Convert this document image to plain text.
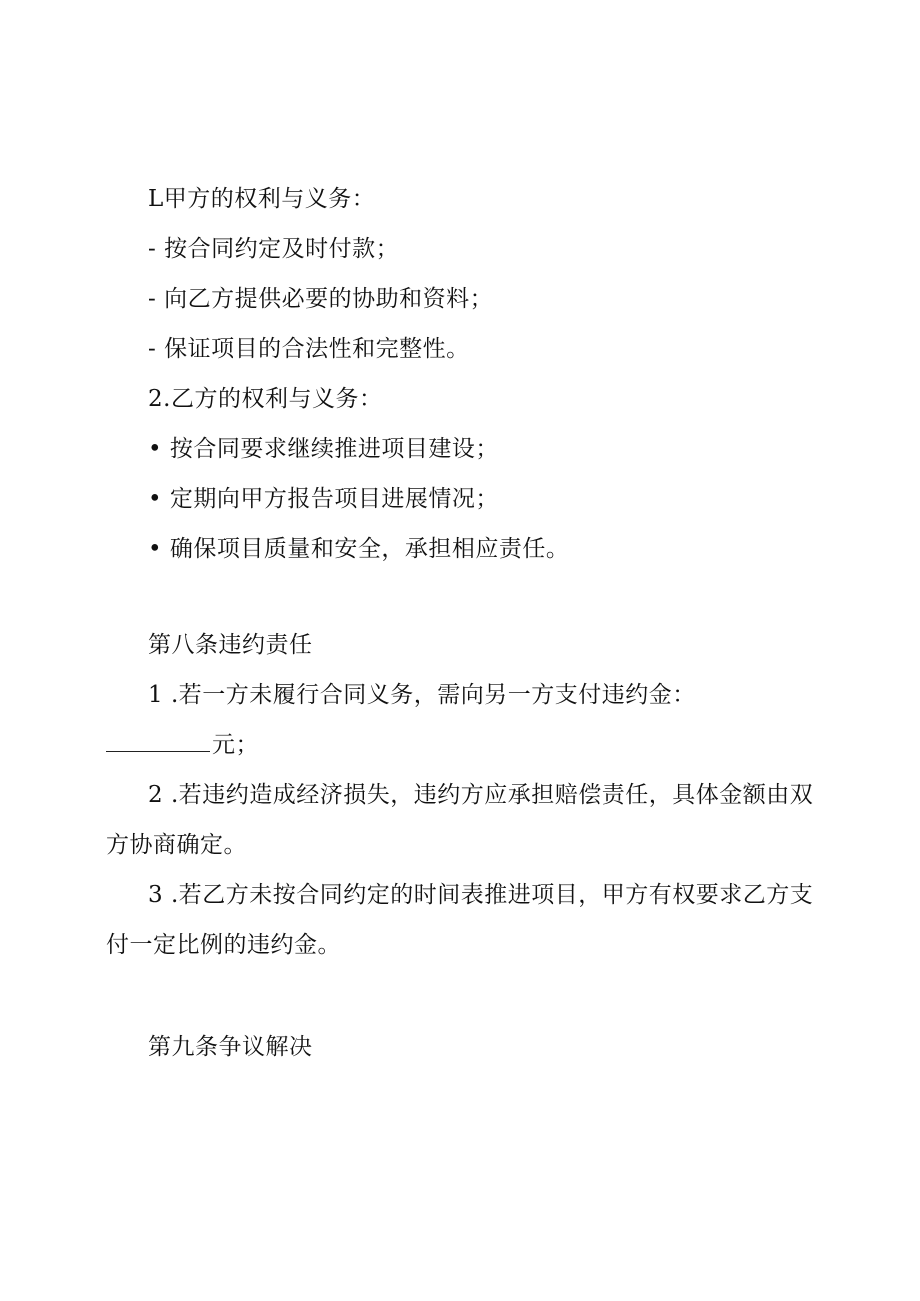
L甲方的权利与义务：
- 按合同约定及时付款；
- 向乙方提供必要的协助和资料；
- 保证项目的合法性和完整性。
2.乙方的权利与义务：
• 按合同要求继续推进项目建设；
• 定期向甲方报告项目进展情况；
• 确保项目质量和安全，承担相应责任。
第八条违约责任
1 .若一方未履行合同义务，需向另一方支付违约金：
元；
2 .若违约造成经济损失，违约方应承担赔偿责任，具体金额由双
方协商确定。
3 .若乙方未按合同约定的时间表推进项目，甲方有权要求乙方支
付一定比例的违约金。
第九条争议解决
